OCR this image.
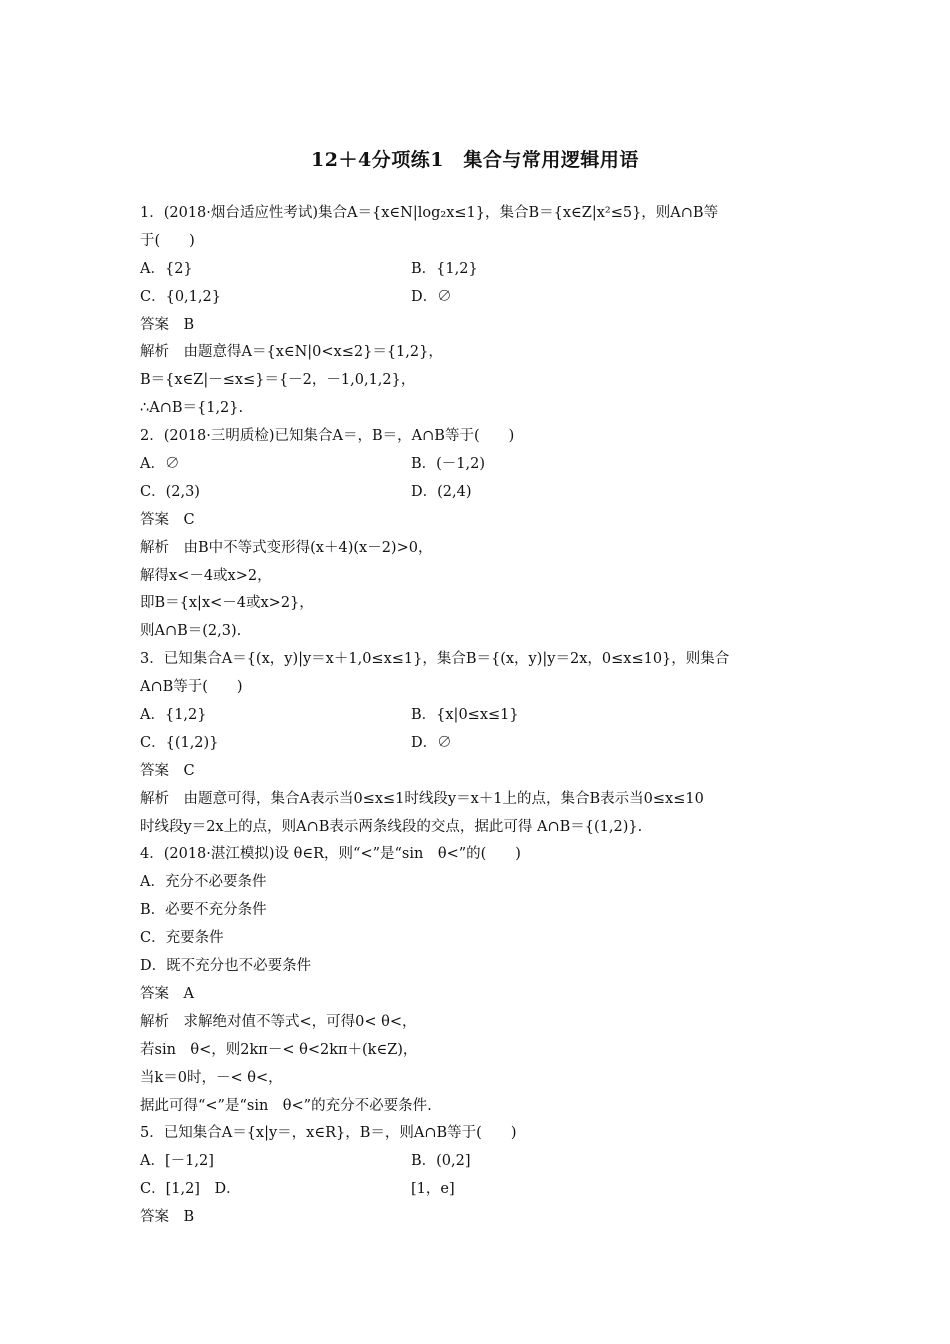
12＋4分项练1　集合与常用逻辑用语
1．(2018·烟台适应性考试)集合A＝{x∈N|log₂x≤1}，集合B＝{x∈Z|x²≤5}，则A∩B等
于(　　)
A．{2}	B．{1,2}
C．{0,1,2}	D．∅
答案　B
解析　由题意得A＝{x∈N|0<x≤2}＝{1,2}，
B＝{x∈Z|－≤x≤}＝{－2，－1,0,1,2}，
∴A∩B＝{1,2}.
2．(2018·三明质检)已知集合A＝，B＝，A∩B等于(　　)
A．∅	B．(－1,2)
C．(2,3)	D．(2,4)
答案　C
解析　由B中不等式变形得(x＋4)(x－2)>0，
解得x<－4或x>2，
即B＝{x|x<－4或x>2}，
则A∩B＝(2,3).
3．已知集合A＝{(x，y)|y＝x＋1,0≤x≤1}，集合B＝{(x，y)|y＝2x，0≤x≤10}，则集合
A∩B等于(　　)
A．{1,2}	B．{x|0≤x≤1}
C．{(1,2)}	D．∅
答案　C
解析　由题意可得，集合A表示当0≤x≤1时线段y＝x＋1上的点，集合B表示当0≤x≤10
时线段y＝2x上的点，则A∩B表示两条线段的交点，据此可得 A∩B＝{(1,2)}.
4．(2018·湛江模拟)设 θ∈R，则“<”是“sin　θ<”的(　　)
A．充分不必要条件
B．必要不充分条件
C．充要条件
D．既不充分也不必要条件
答案　A
解析　求解绝对值不等式<，可得0< θ<，
若sin　θ<，则2kπ－< θ<2kπ＋(k∈Z)，
当k＝0时，－< θ<，
据此可得“<”是“sin　θ<”的充分不必要条件.
5．已知集合A＝{x|y＝，x∈R}，B＝，则A∩B等于(　　)
A．[－1,2]	B．(0,2]
C．[1,2]　D．	[1，e]
答案　B
